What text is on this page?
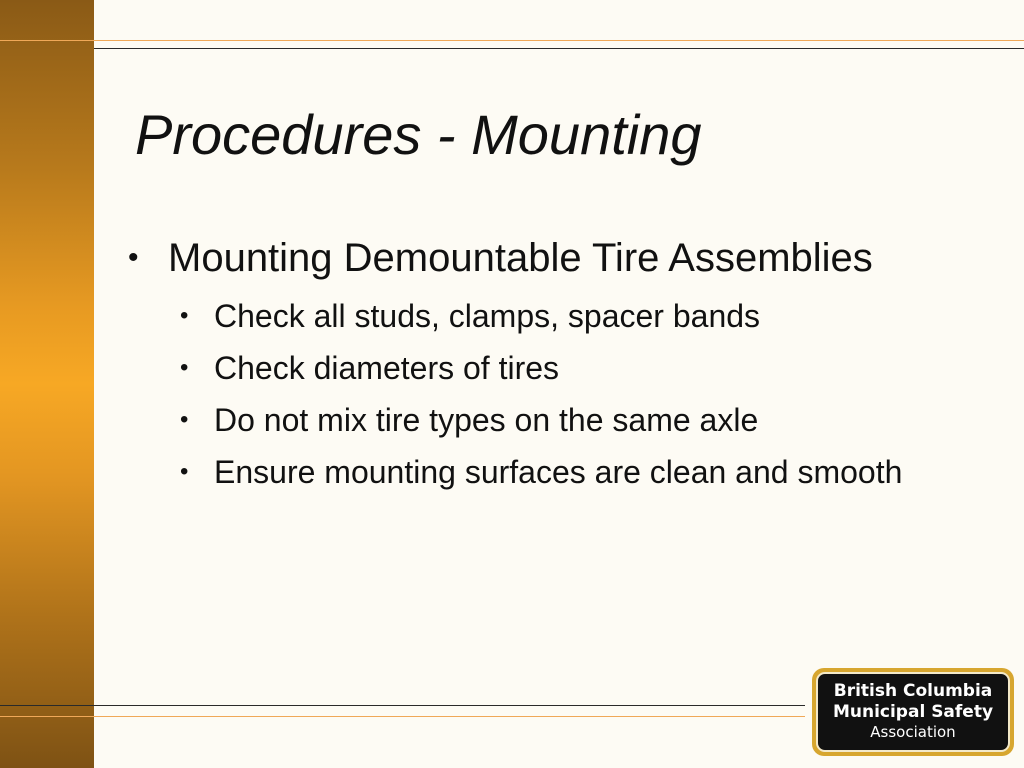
Procedures - Mounting
• Mounting Demountable Tire Assemblies
• Check all studs, clamps, spacer bands
• Check diameters of tires
• Do not mix tire types on the same axle
• Ensure mounting surfaces are clean and smooth
British Columbia
Municipal Safety
Association
